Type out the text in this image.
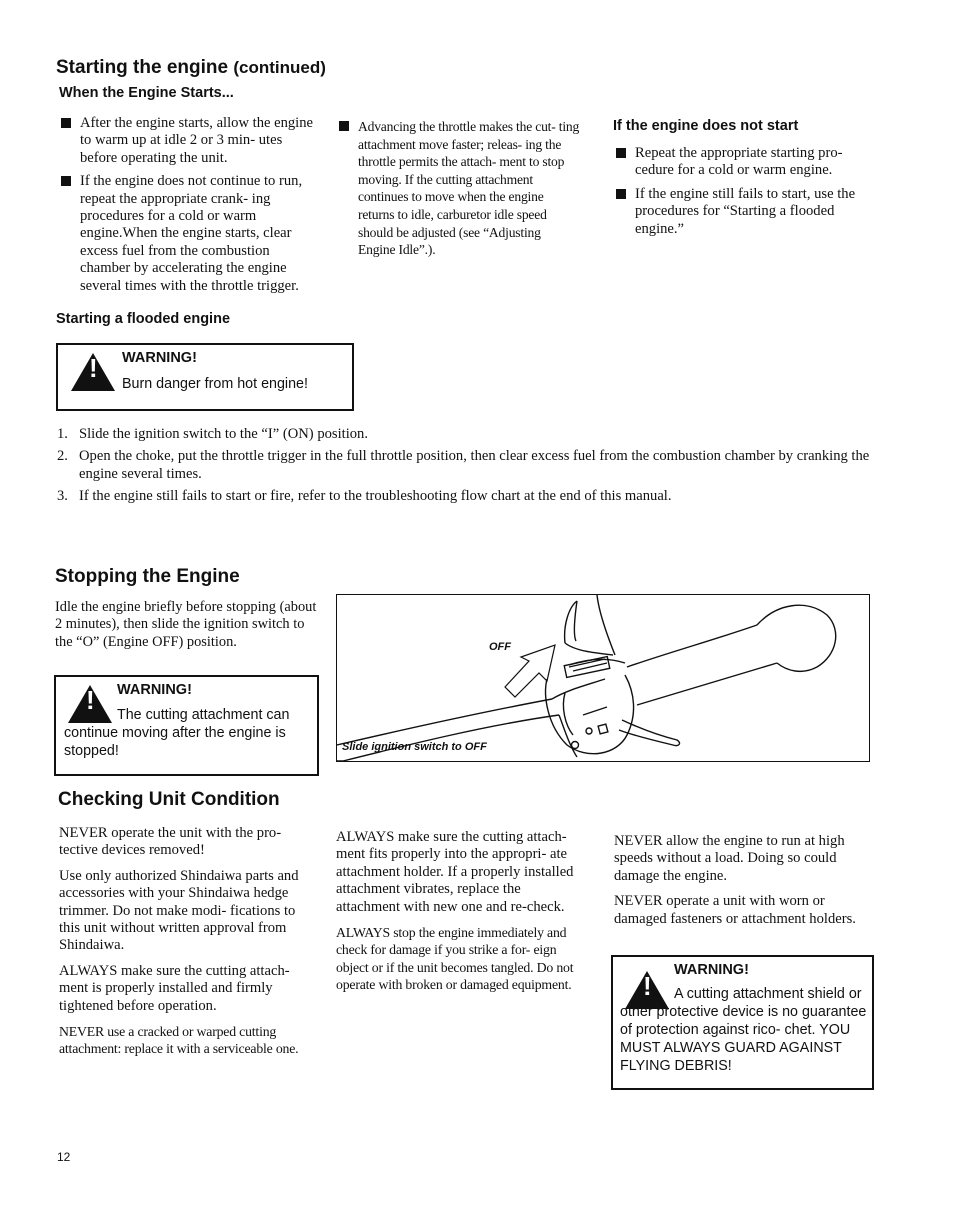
Starting the engine (continued)
When the Engine Starts...
After the engine starts, allow the engine to warm up at idle 2 or 3 min- utes before operating the unit.
If the engine does not continue to run, repeat the appropriate crank- ing procedures for a cold or warm engine.When the engine starts, clear excess fuel from the combustion chamber by accelerating the engine several times with the throttle trigger.
Advancing the throttle makes the cut- ting attachment move faster; releas- ing the throttle permits the attach- ment to stop moving. If the cutting attachment continues to move when the engine returns to idle, carburetor idle speed should be adjusted (see “Adjusting Engine Idle”.).
If the engine does not start
Repeat the appropriate starting pro- cedure for a cold or warm engine.
If the engine still fails to start, use the procedures for “Starting a flooded engine.”
Starting a flooded engine
!
WARNING!
Burn danger from hot engine!
1. Slide the ignition switch to the “I” (ON) position.
2. Open the choke, put the throttle trigger in the full throttle position, then clear excess fuel from the combustion chamber by cranking the engine several times.
3. If the engine still fails to start or fire, refer to the troubleshooting flow chart at the end of this manual.
Stopping the Engine
Idle the engine briefly before stopping (about 2 minutes), then slide the ignition switch to the “O” (Engine OFF) position.
!
WARNING!
The cutting attachment can continue moving after the engine is stopped!
OFF
Slide ignition switch to OFF
Checking Unit Condition

NEVER operate the unit with the pro- tective devices removed!

Use only authorized Shindaiwa parts and accessories with your Shindaiwa hedge trimmer. Do not make modi- fications to this unit without written approval from Shindaiwa.

ALWAYS make sure the cutting attach- ment is properly installed and firmly tightened before operation.

NEVER use a cracked or warped cutting attachment: replace it with a serviceable one.

ALWAYS make sure the cutting attach- ment fits properly into the appropri- ate attachment holder. If a properly installed attachment vibrates, replace the attachment with new one and re-check.

ALWAYS stop the engine immediately and check for damage if you strike a for- eign object or if the unit becomes tangled. Do not operate with broken or damaged equipment.

NEVER allow the engine to run at high speeds without a load. Doing so could damage the engine.

NEVER operate a unit with worn or damaged fasteners or attachment holders.

!
WARNING!
A cutting attachment shield or other protective device is no guarantee of protection against rico- chet. YOU MUST ALWAYS GUARD AGAINST FLYING DEBRIS!
12
